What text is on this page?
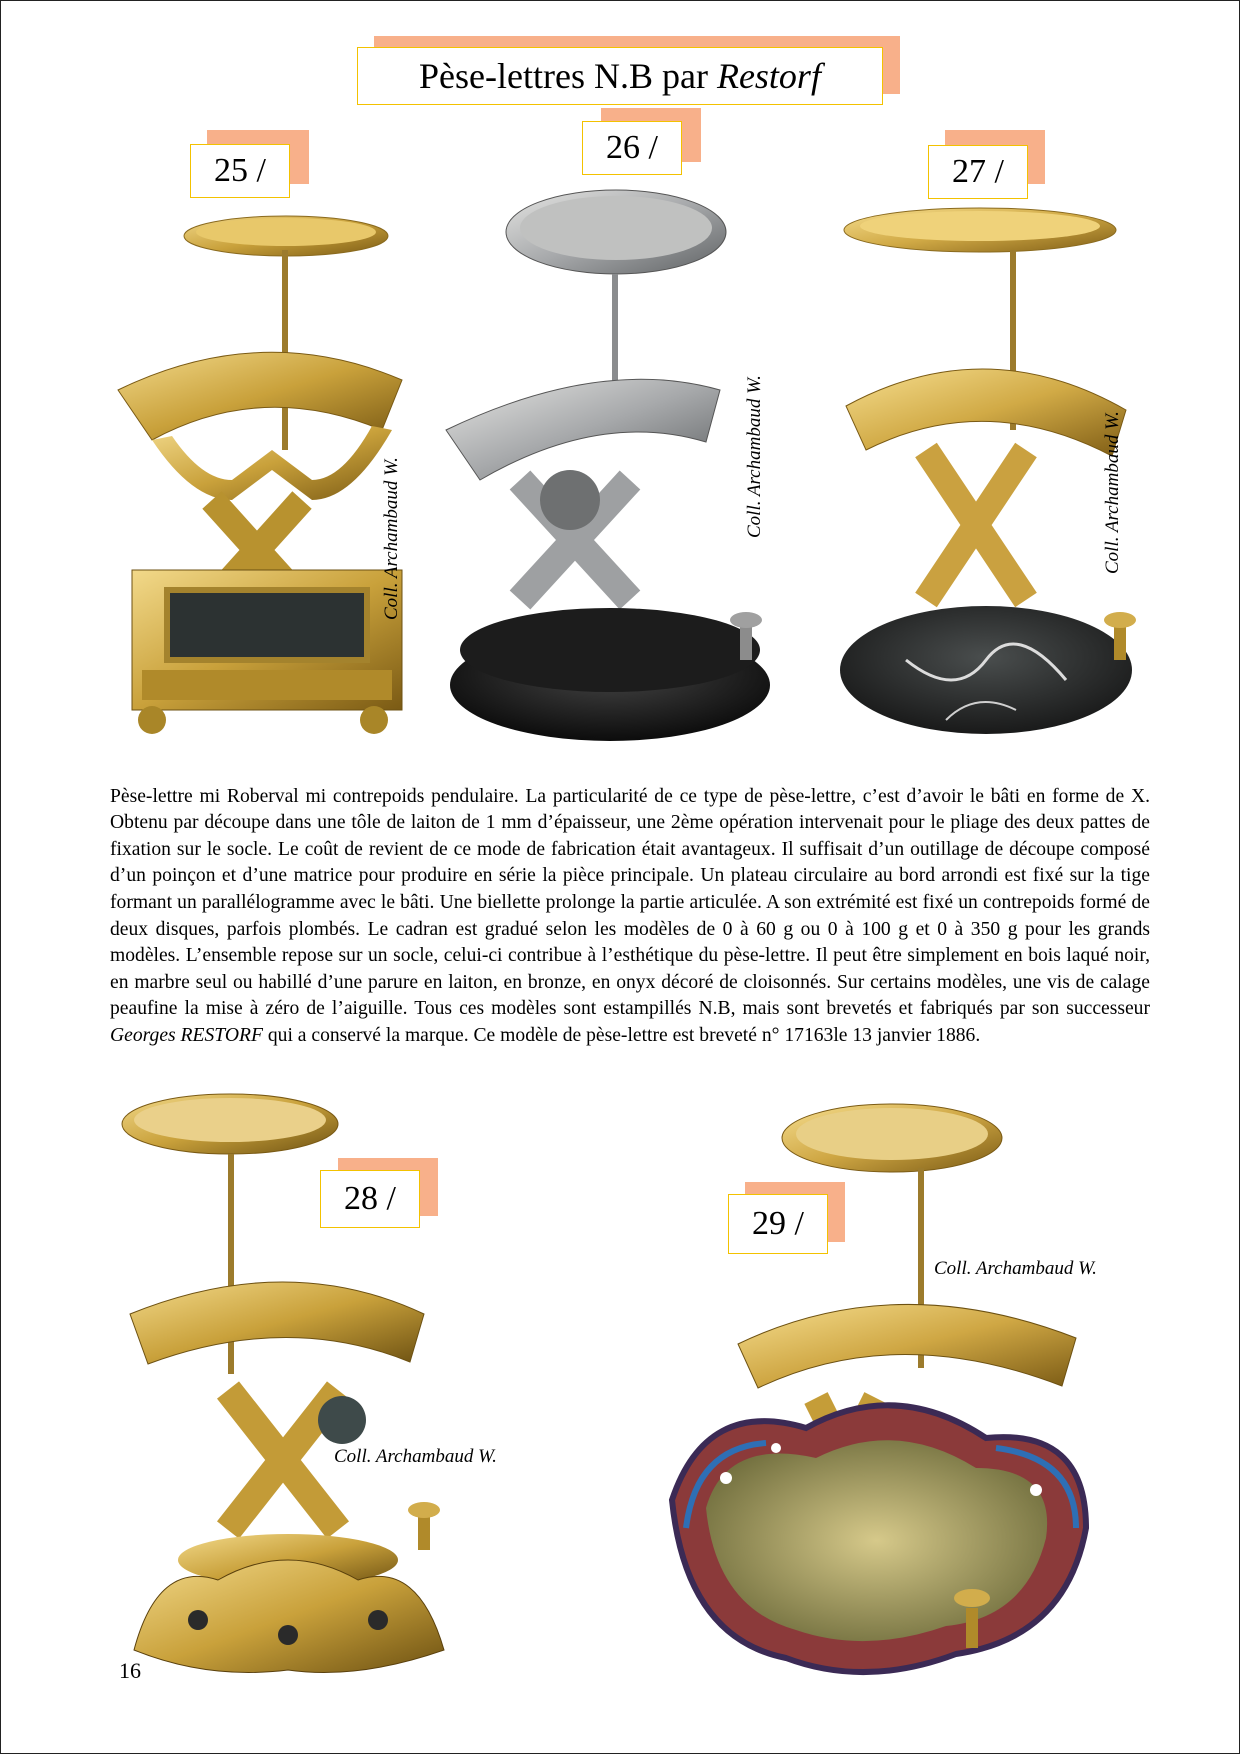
Pèse-lettres N.B par Restorf
25 /
Coll. Archambaud W.
26 /
Coll. Archambaud W.
27 /
Coll. Archambaud W.

Pèse-lettre mi Roberval mi contrepoids pendulaire. La particularité de ce type de pèse-lettre, c’est d’avoir le bâti en forme de X. Obtenu par découpe dans une tôle de laiton de 1 mm d’épaisseur, une 2ème opération intervenait pour le pliage des deux pattes de fixation sur le socle. Le coût de revient de ce mode de fabrication était avantageux. Il suffisait d’un outillage de découpe composé d’un poinçon et d’une matrice pour produire en série la pièce principale. Un plateau circulaire au bord arrondi est fixé sur la tige formant un parallélogramme avec le bâti. Une biellette prolonge la partie articulée. A son extrémité est fixé un contrepoids formé de deux disques, parfois plombés. Le cadran est gradué selon les modèles de 0 à 60 g ou 0 à 100 g et 0 à 350 g pour les grands modèles. L’ensemble repose sur un socle, celui-ci contribue à l’esthétique du pèse-lettre. Il peut être simplement en bois laqué noir, en marbre seul ou habillé d’une parure en laiton, en bronze, en onyx décoré de cloisonnés. Sur certains modèles, une vis de calage peaufine la mise à zéro de l’aiguille. Tous ces modèles sont estampillés N.B, mais sont brevetés et fabriqués par son successeur Georges RESTORF qui a conservé la marque. Ce modèle de pèse-lettre est breveté n° 17163le 13 janvier 1886.

28 /
Coll. Archambaud W.
29 /
Coll. Archambaud W.
16
